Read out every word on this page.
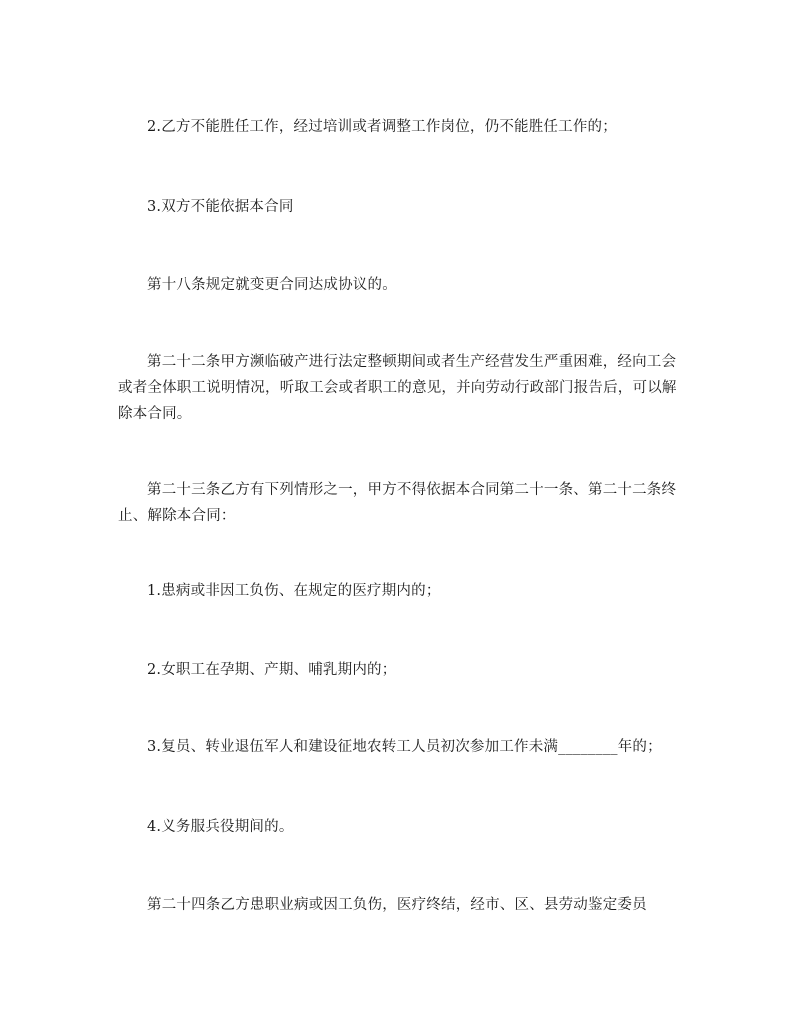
2.乙方不能胜任工作，经过培训或者调整工作岗位，仍不能胜任工作的；

3.双方不能依据本合同

第十八条规定就变更合同达成协议的。

第二十二条甲方濒临破产进行法定整顿期间或者生产经营发生严重困难，经向工会或者全体职工说明情况，听取工会或者职工的意见，并向劳动行政部门报告后，可以解除本合同。

第二十三条乙方有下列情形之一，甲方不得依据本合同第二十一条、第二十二条终止、解除本合同：

1.患病或非因工负伤、在规定的医疗期内的；

2.女职工在孕期、产期、哺乳期内的；

3.复员、转业退伍军人和建设征地农转工人员初次参加工作未满________年的；

4.义务服兵役期间的。

第二十四条乙方患职业病或因工负伤，医疗终结，经市、区、县劳动鉴定委员
